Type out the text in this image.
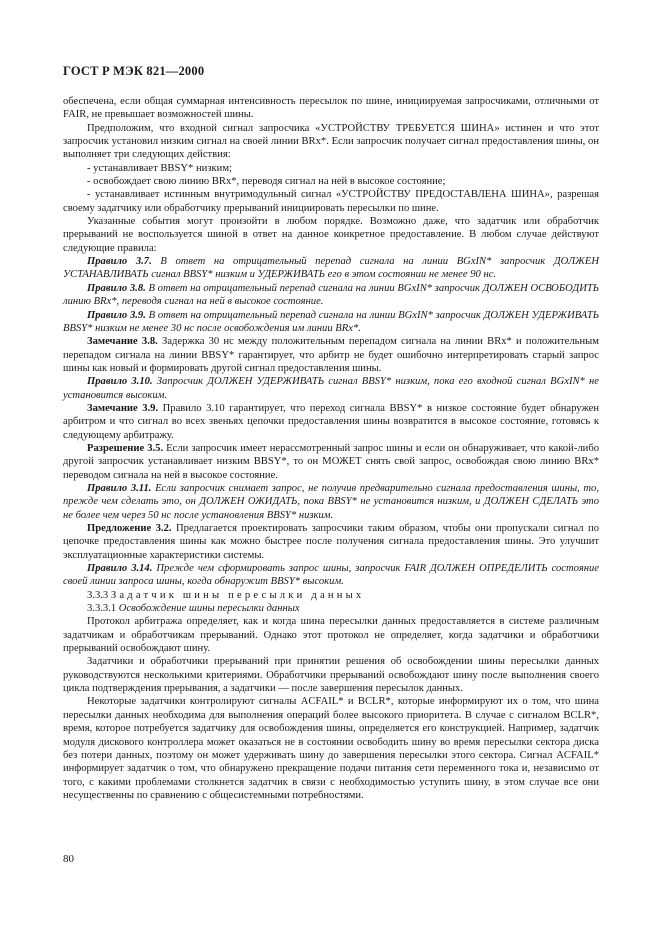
ГОСТ Р МЭК 821—2000

обеспечена, если общая суммарная интенсивность пересылок по шине, инициируемая запросчиками, отличными от FAIR, не превышает возможностей шины.

Предположим, что входной сигнал запросчика «УСТРОЙСТВУ ТРЕБУЕТСЯ ШИНА» истинен и что этот запросчик установил низким сигнал на своей линии BRx*. Если запросчик получает сигнал предоставления шины, он выполняет три следующих действия:

- устанавливает BBSY* низким;

- освобождает свою линию BRx*, переводя сигнал на ней в высокое состояние;

- устанавливает истинным внутримодульный сигнал «УСТРОЙСТВУ ПРЕДОСТАВЛЕНА ШИНА», разрешая своему задатчику или обработчику прерываний инициировать пересылки по шине.

Указанные события могут произойти в любом порядке. Возможно даже, что задатчик или обработчик прерываний не воспользуется шиной в ответ на данное конкретное предоставление. В любом случае действуют следующие правила:

Правило 3.7. В ответ на отрицательный перепад сигнала на линии BGxIN* запросчик ДОЛЖЕН УСТАНАВЛИВАТЬ сигнал BBSY* низким и УДЕРЖИВАТЬ его в этом состоянии не менее 90 нс.

Правило 3.8. В ответ на отрицательный перепад сигнала на линии BGxIN* запросчик ДОЛЖЕН ОСВОБОДИТЬ линию BRx*, переводя сигнал на ней в высокое состояние.

Правило 3.9. В ответ на отрицательный перепад сигнала на линии BGxIN* запросчик ДОЛЖЕН УДЕРЖИВАТЬ BBSY* низким не менее 30 нс после освобождения им линии BRx*.

Замечание 3.8. Задержка 30 нс между положительным перепадом сигнала на линии BRx* и положительным перепадом сигнала на линии BBSY* гарантирует, что арбитр не будет ошибочно интерпретировать старый запрос шины как новый и формировать другой сигнал предоставления шины.

Правило 3.10. Запросчик ДОЛЖЕН УДЕРЖИВАТЬ сигнал BBSY* низким, пока его входной сигнал BGxIN* не установится высоким.

Замечание 3.9. Правило 3.10 гарантирует, что переход сигнала BBSY* в низкое состояние будет обнаружен арбитром и что сигнал во всех звеньях цепочки предоставления шины возвратится в высокое состояние, готовясь к следующему арбитражу.

Разрешение 3.5. Если запросчик имеет нерассмотренный запрос шины и если он обнаруживает, что какой-либо другой запросчик устанавливает низким BBSY*, то он МОЖЕТ снять свой запрос, освобождая свою линию BRx* переводом сигнала на ней в высокое состояние.

Правило 3.11. Если запросчик снимает запрос, не получив предварительно сигнала предоставления шины, то, прежде чем сделать это, он ДОЛЖЕН ОЖИДАТЬ, пока BBSY* не установится низким, и ДОЛЖЕН СДЕЛАТЬ это не более чем через 50 нс после установления BBSY* низким.

Предложение 3.2. Предлагается проектировать запросчики таким образом, чтобы они пропускали сигнал по цепочке предоставления шины как можно быстрее после получения сигнала предоставления шины. Это улучшит эксплуатационные характеристики системы.

Правило 3.14. Прежде чем сформировать запрос шины, запросчик FAIR ДОЛЖЕН ОПРЕДЕЛИТЬ состояние своей линии запроса шины, когда обнаружит BBSY* высоким.

3.3.3 Задатчик шины пересылки данных

3.3.3.1 Освобождение шины пересылки данных

Протокол арбитража определяет, как и когда шина пересылки данных предоставляется в системе различным задатчикам и обработчикам прерываний. Однако этот протокол не определяет, когда задатчики и обработчики прерываний освобождают шину.

Задатчики и обработчики прерываний при принятии решения об освобождении шины пересылки данных руководствуются несколькими критериями. Обработчики прерываний освобождают шину после выполнения своего цикла подтверждения прерывания, а задатчики — после завершения пересылок данных.

Некоторые задатчики контролируют сигналы ACFAIL* и BCLR*, которые информируют их о том, что шина пересылки данных необходима для выполнения операций более высокого приоритета. В случае с сигналом BCLR*, время, которое потребуется задатчику для освобождения шины, определяется его конструкцией. Например, задатчик модуля дискового контроллера может оказаться не в состоянии освободить шину во время пересылки сектора диска без потери данных, поэтому он может удерживать шину до завершения пересылки этого сектора. Сигнал ACFAIL* информирует задатчик о том, что обнаружено прекращение подачи питания сети переменного тока и, независимо от того, с какими проблемами столкнется задатчик в связи с необходимостью уступить шину, в этом случае все они несущественны по сравнению с общесистемными потребностями.

80
